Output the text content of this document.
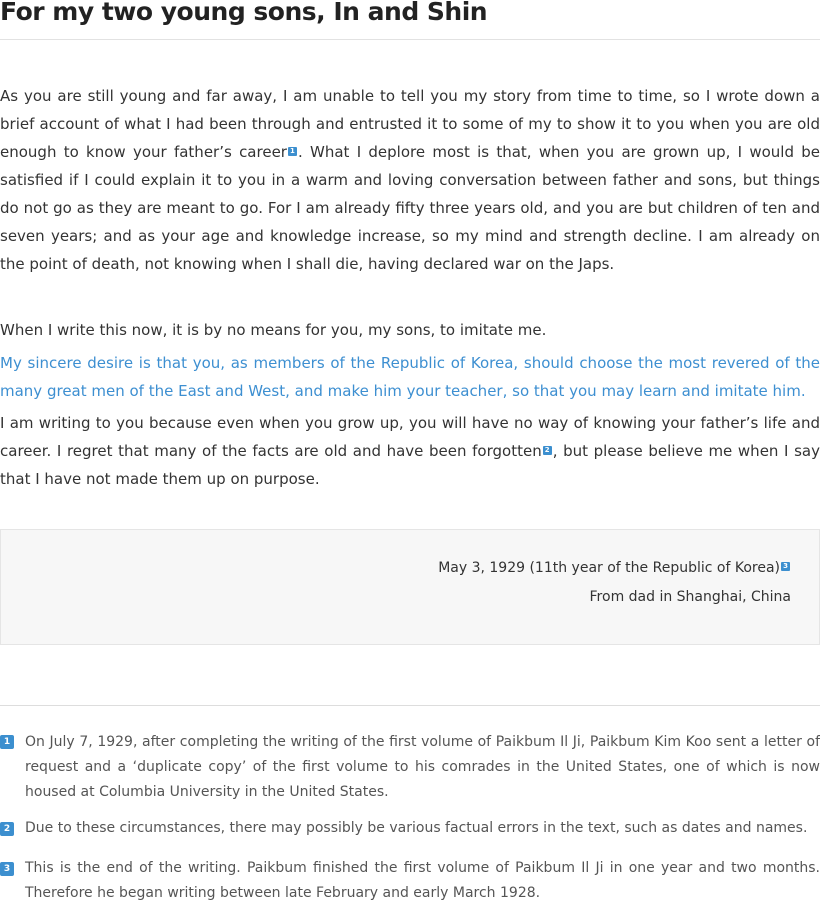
For my two young sons, In and Shin

As you are still young and far away, I am unable to tell you my story from time to time, so I wrote down a brief account of what I had been through and entrusted it to some of my to show it to you when you are old enough to know your father’s career 1 . What I deplore most is that, when you are grown up, I would be satisfied if I could explain it to you in a warm and loving conversation between father and sons, but things do not go as they are meant to go. For I am already fifty three years old, and you are but children of ten and seven years; and as your age and knowledge increase, so my mind and strength decline. I am already on the point of death, not knowing when I shall die, having declared war on the Japs.

When I write this now, it is by no means for you, my sons, to imitate me.

My sincere desire is that you, as members of the Republic of Korea, should choose the most revered of the many great men of the East and West, and make him your teacher, so that you may learn and imitate him.

I am writing to you because even when you grow up, you will have no way of knowing your father’s life and career. I regret that many of the facts are old and have been forgotten 2 , but please believe me when I say that I have not made them up on purpose.

May 3, 1929 (11th year of the Republic of Korea) 3
From dad in Shanghai, China
1 On July 7, 1929, after completing the writing of the first volume of Paikbum Il Ji, Paikbum Kim Koo sent a letter of request and a ‘duplicate copy’ of the first volume to his comrades in the United States, one of which is now housed at Columbia University in the United States.

2 Due to these circumstances, there may possibly be various factual errors in the text, such as dates and names.

3 This is the end of the writing. Paikbum finished the first volume of Paikbum Il Ji in one year and two months. Therefore he began writing between late February and early March 1928.
